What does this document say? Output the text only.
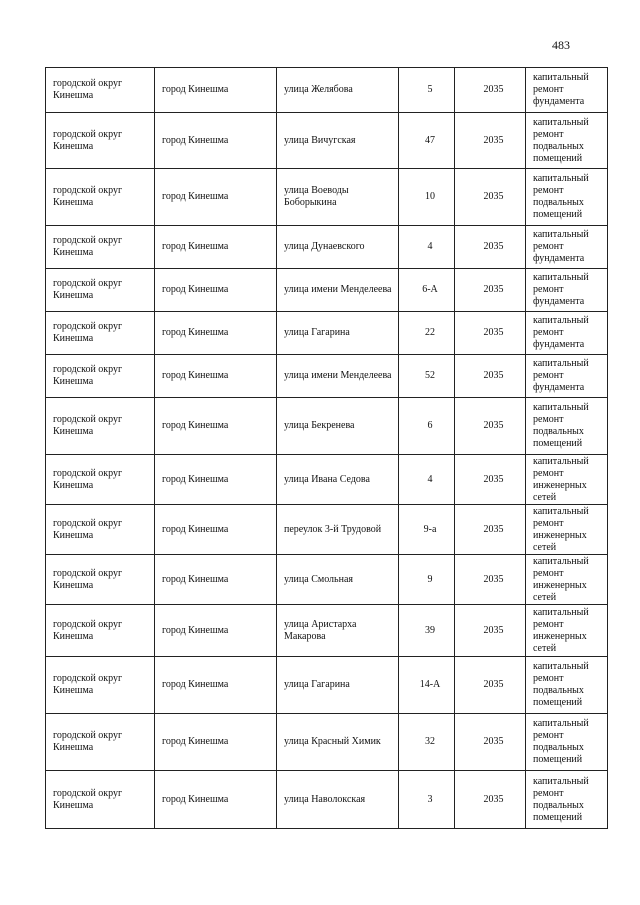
483
городской округ Кинешма	город Кинешма	улица Желябова	5	2035	капитальный ремонт фундамента
городской округ Кинешма	город Кинешма	улица Вичугская	47	2035	капитальный ремонт подвальных помещений
городской округ Кинешма	город Кинешма	улица Воеводы Боборыкина	10	2035	капитальный ремонт подвальных помещений
городской округ Кинешма	город Кинешма	улица Дунаевского	4	2035	капитальный ремонт фундамента
городской округ Кинешма	город Кинешма	улица имени Менделеева	6-А	2035	капитальный ремонт фундамента
городской округ Кинешма	город Кинешма	улица Гагарина	22	2035	капитальный ремонт фундамента
городской округ Кинешма	город Кинешма	улица имени Менделеева	52	2035	капитальный ремонт фундамента
городской округ Кинешма	город Кинешма	улица Бекренева	6	2035	капитальный ремонт подвальных помещений
городской округ Кинешма	город Кинешма	улица Ивана Седова	4	2035	капитальный ремонт инженерных сетей
городской округ Кинешма	город Кинешма	переулок 3-й Трудовой	9-а	2035	капитальный ремонт инженерных сетей
городской округ Кинешма	город Кинешма	улица Смольная	9	2035	капитальный ремонт инженерных сетей
городской округ Кинешма	город Кинешма	улица Аристарха Макарова	39	2035	капитальный ремонт инженерных сетей
городской округ Кинешма	город Кинешма	улица Гагарина	14-А	2035	капитальный ремонт подвальных помещений
городской округ Кинешма	город Кинешма	улица Красный Химик	32	2035	капитальный ремонт подвальных помещений
городской округ Кинешма	город Кинешма	улица Наволокская	3	2035	капитальный ремонт подвальных помещений
